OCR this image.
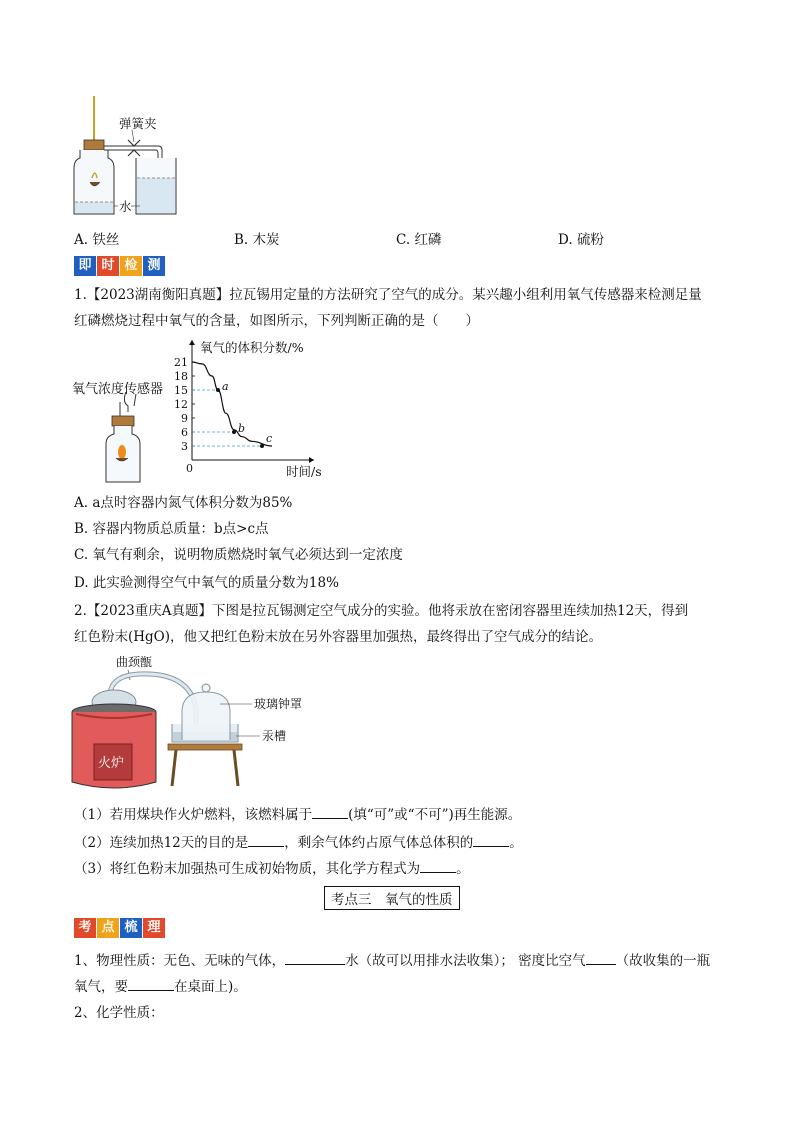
弹簧夹
水
A. 铁丝	B. 木炭	C. 红磷	D. 硫粉
即 时 检 测
1.【2023湖南衡阳真题】拉瓦锡用定量的方法研究了空气的成分。某兴趣小组利用氧气传感器来检测足量
红磷燃烧过程中氧气的含量，如图所示，下列判断正确的是（　　）
氧气浓度传感器
3
6
9
12
15
18
21
a
b
c
氧气的体积分数/%
时间/s
0
A. a点时容器内氮气体积分数为85%
B. 容器内物质总质量：b点>c点
C. 氧气有剩余，说明物质燃烧时氧气必须达到一定浓度
D. 此实验测得空气中氧气的质量分数为18%
2.【2023重庆A真题】下图是拉瓦锡测定空气成分的实验。他将汞放在密闭容器里连续加热12天，得到
红色粉末(HgO)，他又把红色粉末放在另外容器里加强热，最终得出了空气成分的结论。
曲颈甑
火炉
玻璃钟罩
汞槽
（1）若用煤块作火炉燃料，该燃料属于	(填“可”或“不可”)再生能源。
（2）连续加热12天的目的是	，剩余气体约占原气体总体积的	。
（3）将红色粉末加强热可生成初始物质，其化学方程式为	。
考点三　氧气的性质
考 点 梳 理
1、物理性质：无色、无味的气体，	水（故可以用排水法收集）； 密度比空气 （故收集的一瓶
氧气，要	在桌面上)。
2、化学性质：
